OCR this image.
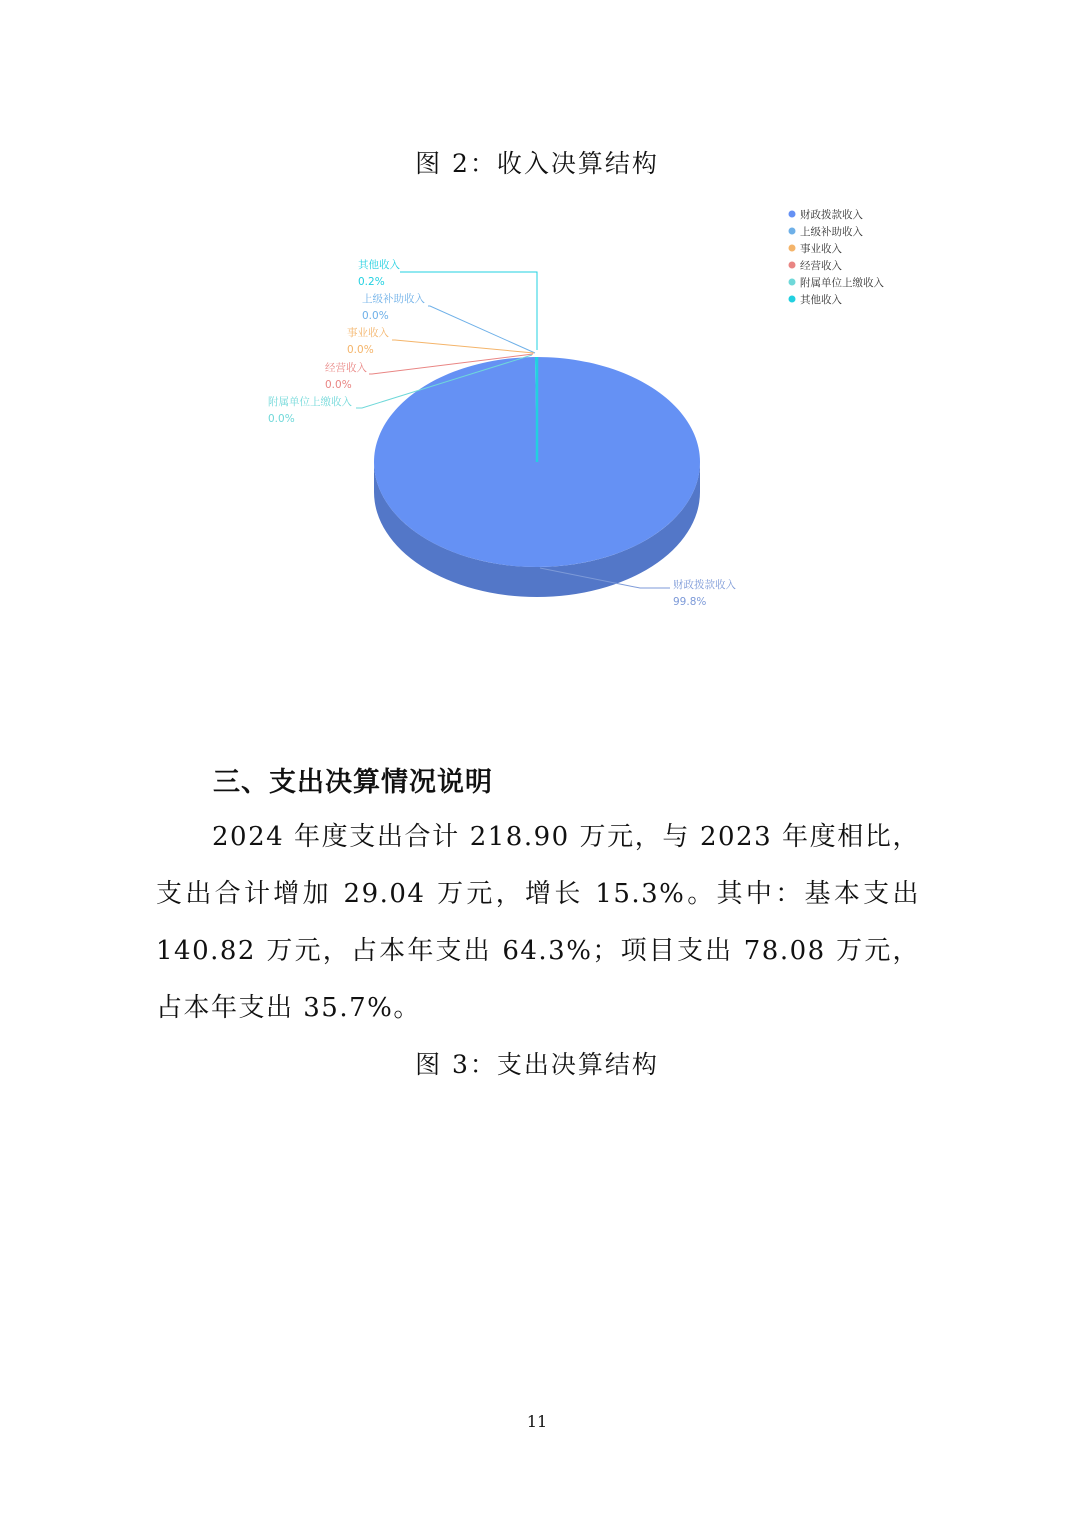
图 2：收入决算结构
财政拨款收入
99.8%
其他收入
0.2%
上级补助收入
0.0%
事业收入
0.0%
经营收入
0.0%
附属单位上缴收入
0.0%
财政拨款收入
上级补助收入
事业收入
经营收入
附属单位上缴收入
其他收入
三、支出决算情况说明
2024 年度支出合计 218.90 万元，与 2023 年度相比，支出合计增加 29.04 万元，增长 15.3%。其中：基本支出 140.82 万元，占本年支出 64.3%；项目支出 78.08 万元，占本年支出 35.7%。
图 3：支出决算结构
11
